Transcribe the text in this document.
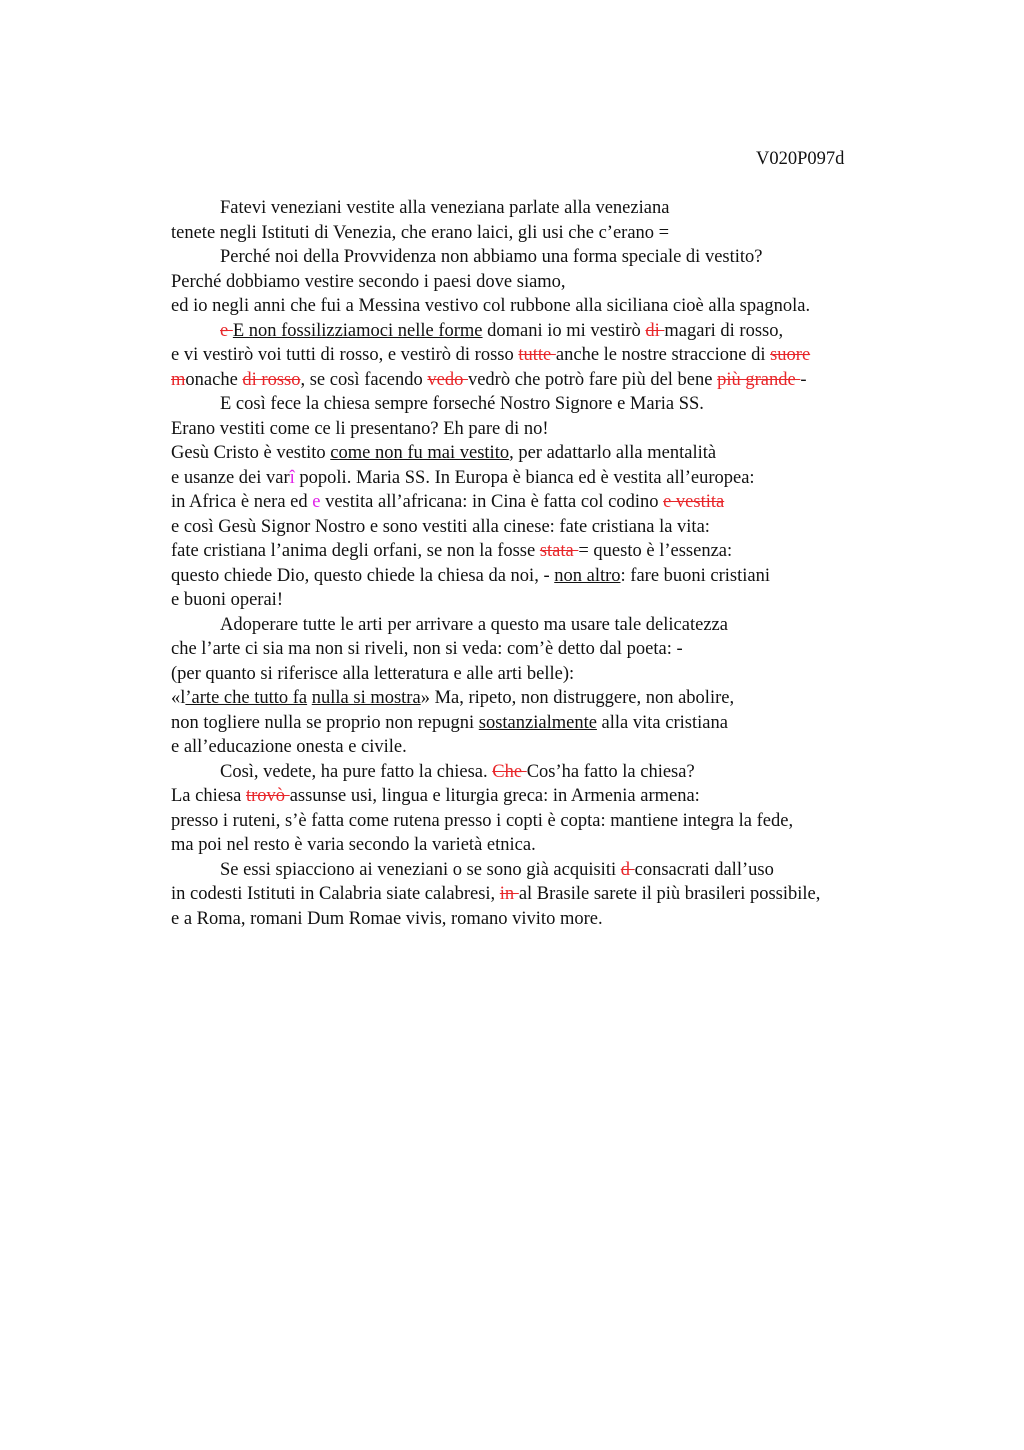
V020P097d
Fatevi veneziani vestite alla veneziana parlate alla veneziana
tenete negli Istituti di Venezia, che erano laici, gli usi che c’erano =
Perché noi della Provvidenza non abbiamo una forma speciale di vestito?
Perché dobbiamo vestire secondo i paesi dove siamo,
ed io negli anni che fui a Messina vestivo col rubbone alla siciliana cioè alla spagnola.
e E non fossilizziamoci nelle forme domani io mi vestirò di magari di rosso,
e vi vestirò voi tutti di rosso, e vestirò di rosso tutte anche le nostre straccione di suore
monache di rosso, se così facendo vedo vedrò che potrò fare più del bene più grande -
E così fece la chiesa sempre forseché Nostro Signore e Maria SS.
Erano vestiti come ce li presentano? Eh pare di no!
Gesù Cristo è vestito come non fu mai vestito, per adattarlo alla mentalità
e usanze dei varî popoli. Maria SS. In Europa è bianca ed è vestita all’europea:
in Africa è nera ed e vestita all’africana: in Cina è fatta col codino e vestita
e così Gesù Signor Nostro e sono vestiti alla cinese: fate cristiana la vita:
fate cristiana l’anima degli orfani, se non la fosse stata = questo è l’essenza:
questo chiede Dio, questo chiede la chiesa da noi, - non altro: fare buoni cristiani
e buoni operai!
Adoperare tutte le arti per arrivare a questo ma usare tale delicatezza
che l’arte ci sia ma non si riveli, non si veda: com’è detto dal poeta: -
(per quanto si riferisce alla letteratura e alle arti belle):
«l’arte che tutto fa nulla si mostra» Ma, ripeto, non distruggere, non abolire,
non togliere nulla se proprio non repugni sostanzialmente alla vita cristiana
e all’educazione onesta e civile.
Così, vedete, ha pure fatto la chiesa. Che Cos’ha fatto la chiesa?
La chiesa trovò assunse usi, lingua e liturgia greca: in Armenia armena:
presso i ruteni, s’è fatta come rutena presso i copti è copta: mantiene integra la fede,
ma poi nel resto è varia secondo la varietà etnica.
Se essi spiacciono ai veneziani o se sono già acquisiti d consacrati dall’uso
in codesti Istituti in Calabria siate calabresi, in al Brasile sarete il più brasileri possibile,
e a Roma, romani Dum Romae vivis, romano vivito more.
